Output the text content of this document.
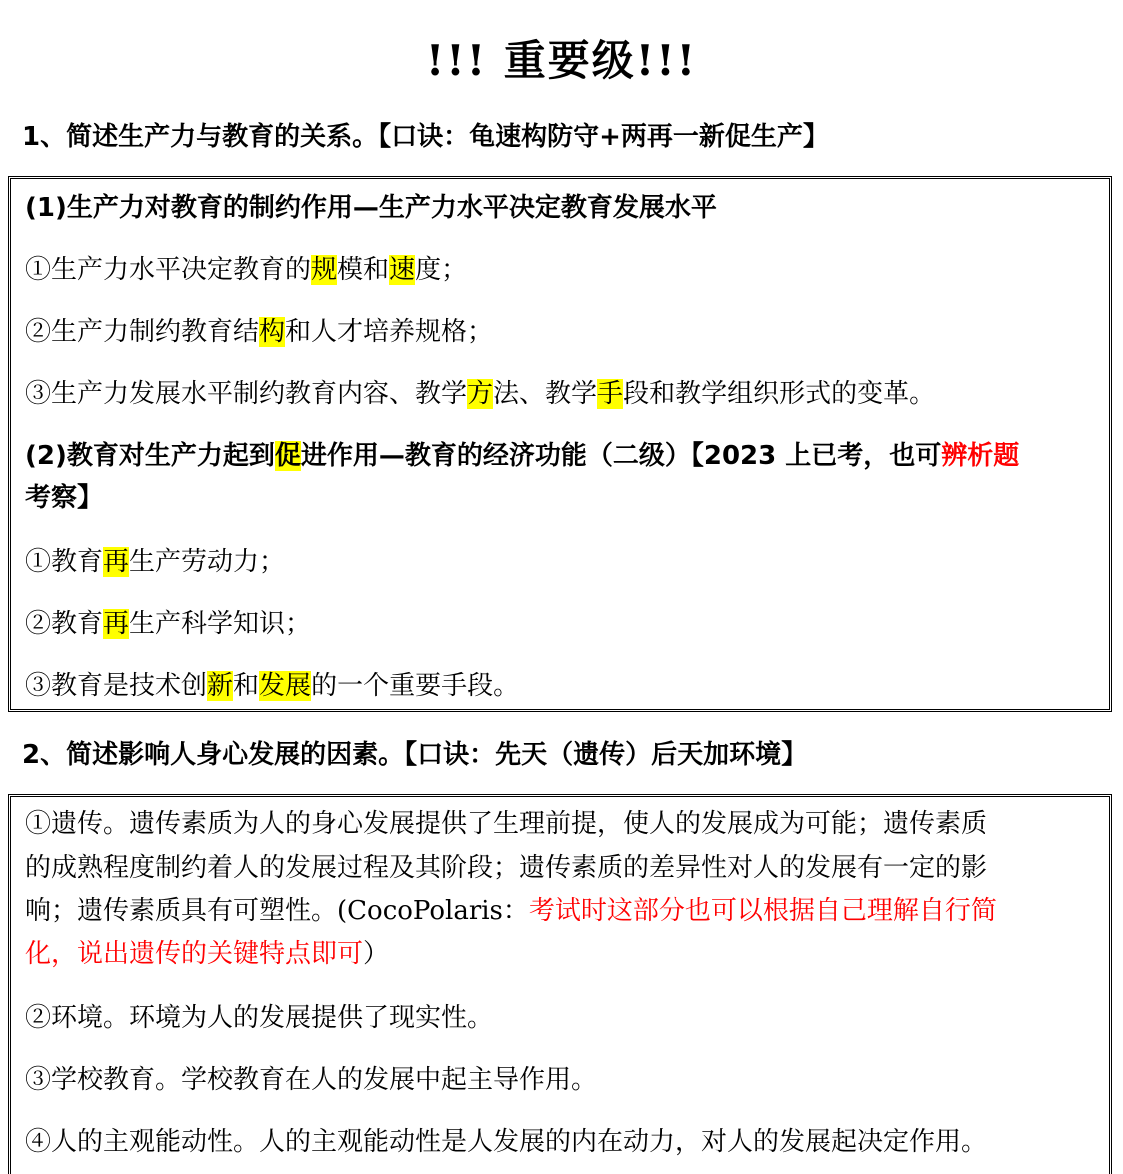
!!! 重要级!!!
1、简述生产力与教育的关系。【口诀：龟速构防守+两再一新促生产】
(1)生产力对教育的制约作用—生产力水平决定教育发展水平
①生产力水平决定教育的规模和速度；
②生产力制约教育结构和人才培养规格；
③生产力发展水平制约教育内容、教学方法、教学手段和教学组织形式的变革。
(2)教育对生产力起到促进作用—教育的经济功能（二级）【2023 上已考，也可辨析题
考察】
①教育再生产劳动力；
②教育再生产科学知识；
③教育是技术创新和发展的一个重要手段。
2、简述影响人身心发展的因素。【口诀：先天（遗传）后天加环境】
①遗传。遗传素质为人的身心发展提供了生理前提，使人的发展成为可能；遗传素质
的成熟程度制约着人的发展过程及其阶段；遗传素质的差异性对人的发展有一定的影
响；遗传素质具有可塑性。(CocoPolaris：考试时这部分也可以根据自己理解自行简
化，说出遗传的关键特点即可）
②环境。环境为人的发展提供了现实性。
③学校教育。学校教育在人的发展中起主导作用。
④人的主观能动性。人的主观能动性是人发展的内在动力，对人的发展起决定作用。
